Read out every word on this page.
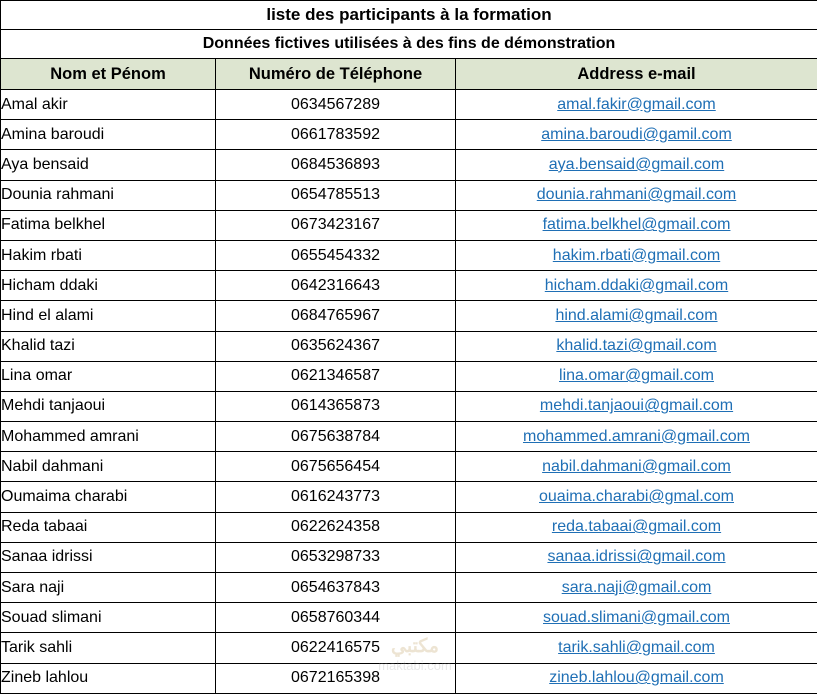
liste des participants à la formation		
Données fictives utilisées à des fins de démonstration		
Nom et Pénom	Numéro de Téléphone	Address e-mail
Amal akir	0634567289	amal.fakir@gmail.com
Amina baroudi	0661783592	amina.baroudi@gamil.com
Aya bensaid	0684536893	aya.bensaid@gmail.com
Dounia rahmani	0654785513	dounia.rahmani@gmail.com
Fatima belkhel	0673423167	fatima.belkhel@gmail.com
Hakim rbati	0655454332	hakim.rbati@gmail.com
Hicham ddaki	0642316643	hicham.ddaki@gmail.com
Hind el alami	0684765967	hind.alami@gmail.com
Khalid tazi	0635624367	khalid.tazi@gmail.com
Lina omar	0621346587	lina.omar@gmail.com
Mehdi tanjaoui	0614365873	mehdi.tanjaoui@gmail.com
Mohammed amrani	0675638784	mohammed.amrani@gmail.com
Nabil dahmani	0675656454	nabil.dahmani@gmail.com
Oumaima charabi	0616243773	ouaima.charabi@gmal.com
Reda tabaai	0622624358	reda.tabaai@gmail.com
Sanaa idrissi	0653298733	sanaa.idrissi@gmail.com
Sara naji	0654637843	sara.naji@gmail.com
Souad slimani	0658760344	souad.slimani@gmail.com
Tarik sahli	0622416575	tarik.sahli@gmail.com
Zineb lahlou	0672165398	zineb.lahlou@gmail.com
مكتبي
maktabi.com
